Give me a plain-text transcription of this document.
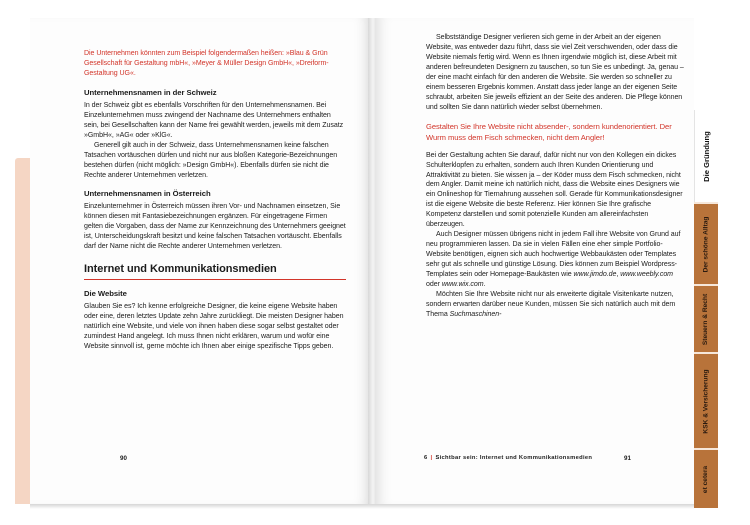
Die Unternehmen könnten zum Beispiel folgendermaßen heißen: »Blau & Grün Gesellschaft für Gestaltung mbH«, »Meyer & Müller Design GmbH«, »Dreiform-Gestaltung UG«.

Unternehmensnamen in der Schweiz

In der Schweiz gibt es ebenfalls Vorschriften für den Unternehmensnamen. Bei Einzelunternehmen muss zwingend der Nachname des Unternehmers enthalten sein, bei Gesellschaften kann der Name frei gewählt werden, jeweils mit dem Zusatz »GmbH«, »AG« oder »KlG«.

Generell gilt auch in der Schweiz, dass Unternehmensnamen keine falschen Tatsachen vortäuschen dürfen und nicht nur aus bloßen Kategorie-Bezeichnungen bestehen dürfen (nicht möglich: »Design GmbH«). Ebenfalls dürfen sie nicht die Rechte anderer Unternehmen verletzen.

Unternehmensnamen in Österreich

Einzelunternehmer in Österreich müssen ihren Vor- und Nachnamen einsetzen, Sie können diesen mit Fantasiebezeichnungen ergänzen. Für eingetragene Firmen gelten die Vorgaben, dass der Name zur Kennzeichnung des Unternehmers geeignet ist, Unterscheidungskraft besitzt und keine falschen Tatsachen vortäuscht. Ebenfalls darf der Name nicht die Rechte anderer Unternehmen verletzen.

Internet und Kommunikationsmedien
Die Website

Glauben Sie es? Ich kenne erfolgreiche Designer, die keine eigene Website haben oder eine, deren letztes Update zehn Jahre zurückliegt. Die meisten Designer haben natürlich eine Website, und viele von ihnen haben diese sogar selbst gestaltet oder zumindest Hand angelegt. Ich muss Ihnen nicht erklären, warum und wofür eine Website sinnvoll ist, gerne möchte ich Ihnen aber einige spezifische Tipps geben.

90

Selbstständige Designer verlieren sich gerne in der Arbeit an der eigenen Website, was entweder dazu führt, dass sie viel Zeit verschwenden, oder dass die Website niemals fertig wird. Wenn es Ihnen irgendwie möglich ist, diese Arbeit mit anderen befreundeten Designern zu tauschen, so tun Sie es unbedingt. Ja, genau – der eine macht einfach für den anderen die Website. Sie werden so schneller zu einem besseren Ergebnis kommen. Anstatt dass jeder lange an der eigenen Seite schraubt, arbeiten Sie jeweils effizient an der Seite des anderen. Die Pflege können und sollten Sie dann natürlich wieder selbst übernehmen.

Gestalten Sie Ihre Website nicht absender-, sondern kundenorientiert. Der Wurm muss dem Fisch schmecken, nicht dem Angler!

Bei der Gestaltung achten Sie darauf, dafür nicht nur von den Kollegen ein dickes Schulterklopfen zu erhalten, sondern auch Ihren Kunden Orientierung und Attraktivität zu bieten. Sie wissen ja – der Köder muss dem Fisch schmecken, nicht dem Angler. Damit meine ich natürlich nicht, dass die Website eines Designers wie ein Onlineshop für Tiernahrung aussehen soll. Gerade für Kommunikationsdesigner ist die eigene Website die beste Referenz. Hier können Sie Ihre grafische Kompetenz darstellen und somit potenzielle Kunden am allereinfachsten überzeugen.

Auch Designer müssen übrigens nicht in jedem Fall ihre Website von Grund auf neu programmieren lassen. Da sie in vielen Fällen eine eher simple Portfolio-Website benötigen, eignen sich auch hochwertige Webbaukästen oder Templates sehr gut als schnelle und günstige Lösung. Dies können zum Beispiel Wordpress-Templates sein oder Homepage-Baukästen wie www.jimdo.de, www.weebly.com oder www.wix.com.

Möchten Sie Ihre Website nicht nur als erweiterte digitale Visitenkarte nutzen, sondern erwarten darüber neue Kunden, müssen Sie sich natürlich auch mit dem Thema Suchmaschinen-

6 | Sichtbar sein: Internet und Kommunikationsmedien	91
Die Gründung
Der schöne Alltag
Steuern & Recht
KSK & Versicherung
et cetera
